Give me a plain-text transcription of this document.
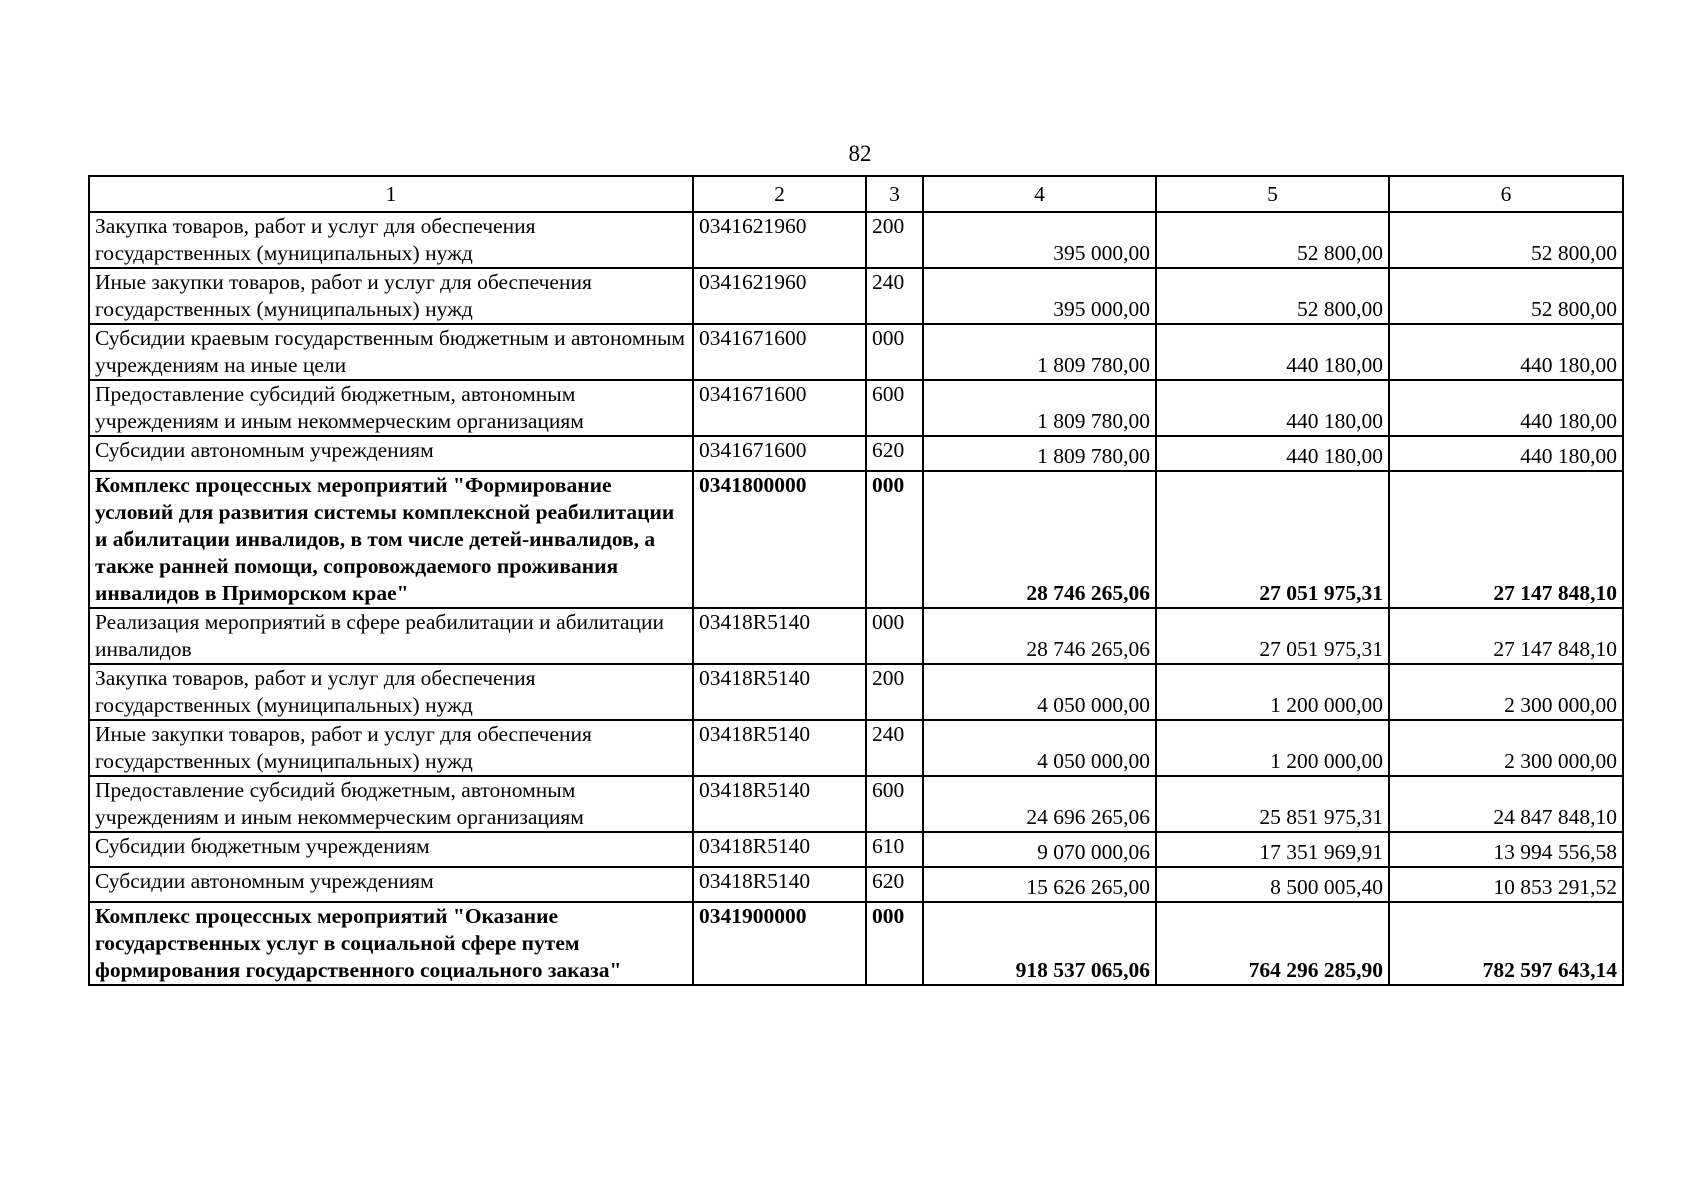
82
1	2	3	4	5	6
Закупка товаров, работ и услуг для обеспечения государственных (муниципальных) нужд	0341621960	200	395 000,00	52 800,00	52 800,00
Иные закупки товаров, работ и услуг для обеспечения государственных (муниципальных) нужд	0341621960	240	395 000,00	52 800,00	52 800,00
Субсидии краевым государственным бюджетным и автономным учреждениям на иные цели	0341671600	000	1 809 780,00	440 180,00	440 180,00
Предоставление субсидий бюджетным, автономным учреждениям и иным некоммерческим организациям	0341671600	600	1 809 780,00	440 180,00	440 180,00
Субсидии автономным учреждениям	0341671600	620	1 809 780,00	440 180,00	440 180,00
Комплекс процессных мероприятий "Формирование условий для развития системы комплексной реабилитации и абилитации инвалидов, в том числе детей-инвалидов, а также ранней помощи, сопровождаемого проживания инвалидов в Приморском крае"	0341800000	000	28 746 265,06	27 051 975,31	27 147 848,10
Реализация мероприятий в сфере реабилитации и абилитации инвалидов	03418R5140	000	28 746 265,06	27 051 975,31	27 147 848,10
Закупка товаров, работ и услуг для обеспечения государственных (муниципальных) нужд	03418R5140	200	4 050 000,00	1 200 000,00	2 300 000,00
Иные закупки товаров, работ и услуг для обеспечения государственных (муниципальных) нужд	03418R5140	240	4 050 000,00	1 200 000,00	2 300 000,00
Предоставление субсидий бюджетным, автономным учреждениям и иным некоммерческим организациям	03418R5140	600	24 696 265,06	25 851 975,31	24 847 848,10
Субсидии бюджетным учреждениям	03418R5140	610	9 070 000,06	17 351 969,91	13 994 556,58
Субсидии автономным учреждениям	03418R5140	620	15 626 265,00	8 500 005,40	10 853 291,52
Комплекс процессных мероприятий "Оказание государственных услуг в социальной сфере путем формирования государственного социального заказа"	0341900000	000	918 537 065,06	764 296 285,90	782 597 643,14
